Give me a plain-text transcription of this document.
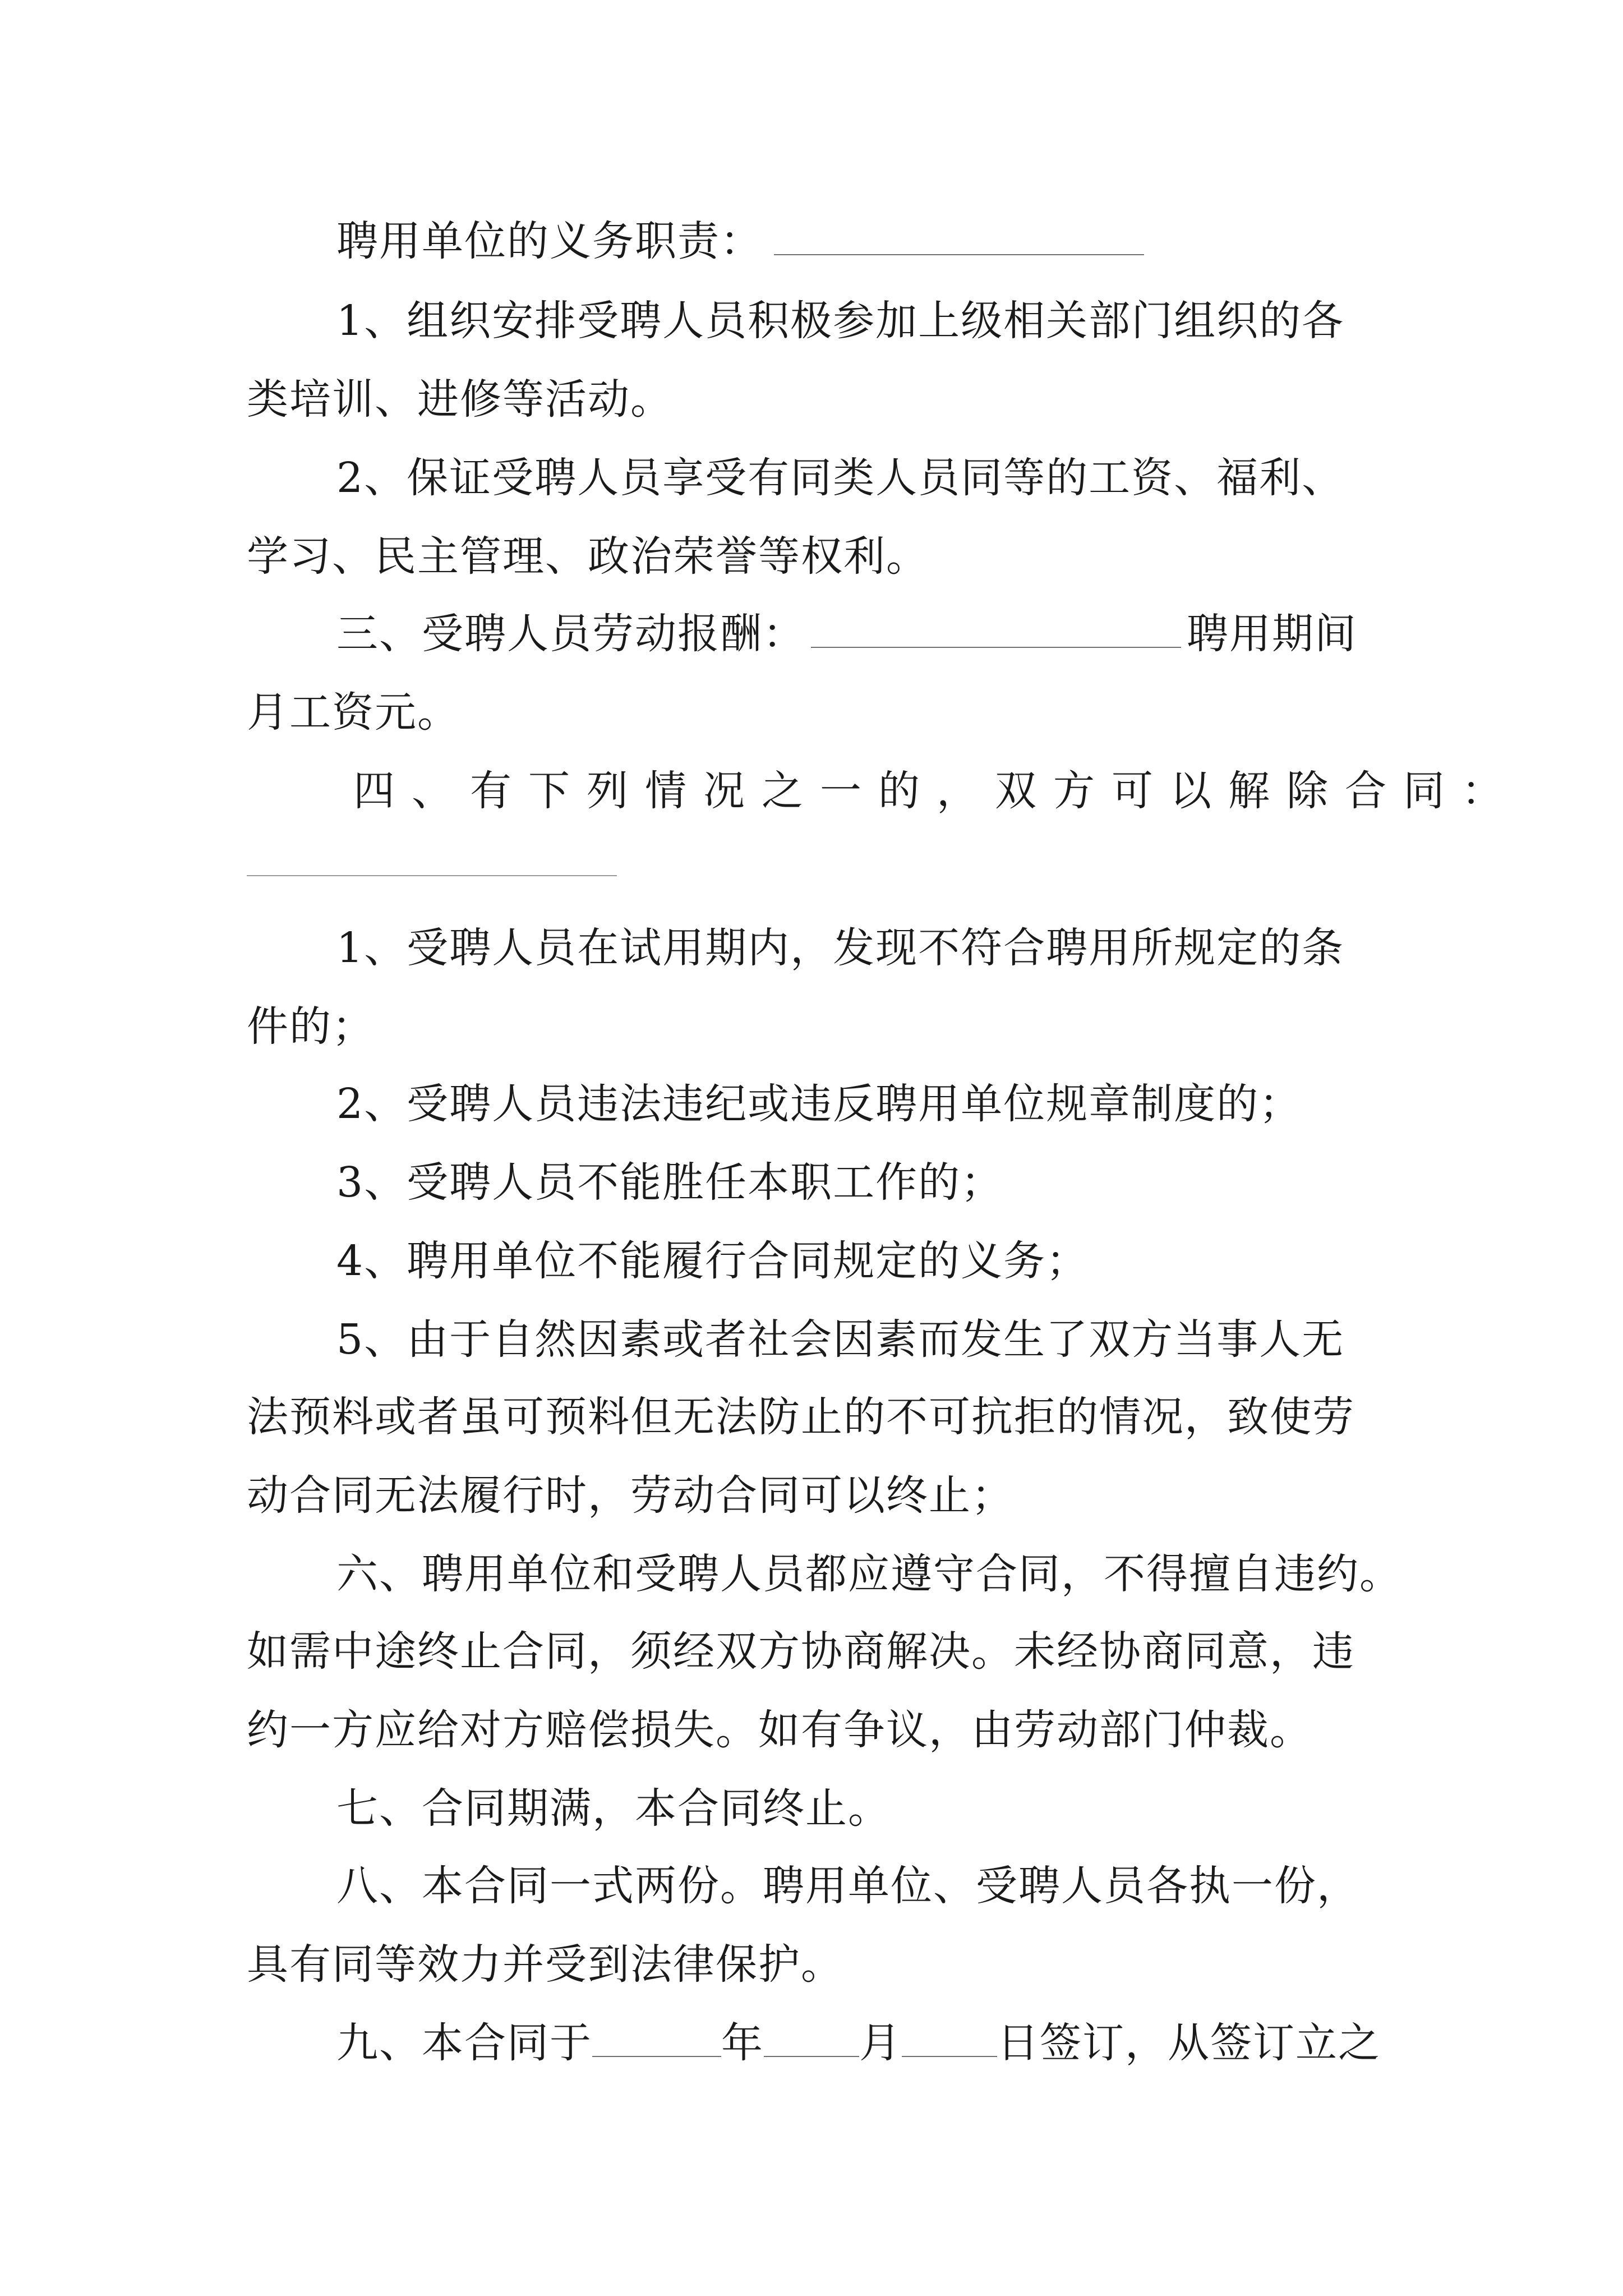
聘用单位的义务职责：
1、组织安排受聘人员积极参加上级相关部门组织的各
类培训、进修等活动。
2、保证受聘人员享受有同类人员同等的工资、福利、
学习、民主管理、政治荣誉等权利。
三、受聘人员劳动报酬：	聘用期间
月工资元。
四、有下列情况之一的，双方可以解除合同：
1、受聘人员在试用期内，发现不符合聘用所规定的条
件的；
2、受聘人员违法违纪或违反聘用单位规章制度的；
3、受聘人员不能胜任本职工作的；
4、聘用单位不能履行合同规定的义务；
5、由于自然因素或者社会因素而发生了双方当事人无
法预料或者虽可预料但无法防止的不可抗拒的情况，致使劳
动合同无法履行时，劳动合同可以终止；
六、聘用单位和受聘人员都应遵守合同，不得擅自违约。
如需中途终止合同，须经双方协商解决。未经协商同意，违
约一方应给对方赔偿损失。如有争议，由劳动部门仲裁。
七、合同期满，本合同终止。
八、本合同一式两份。聘用单位、受聘人员各执一份，
具有同等效力并受到法律保护。
九、本合同于	年 月 日签订，从签订立之
